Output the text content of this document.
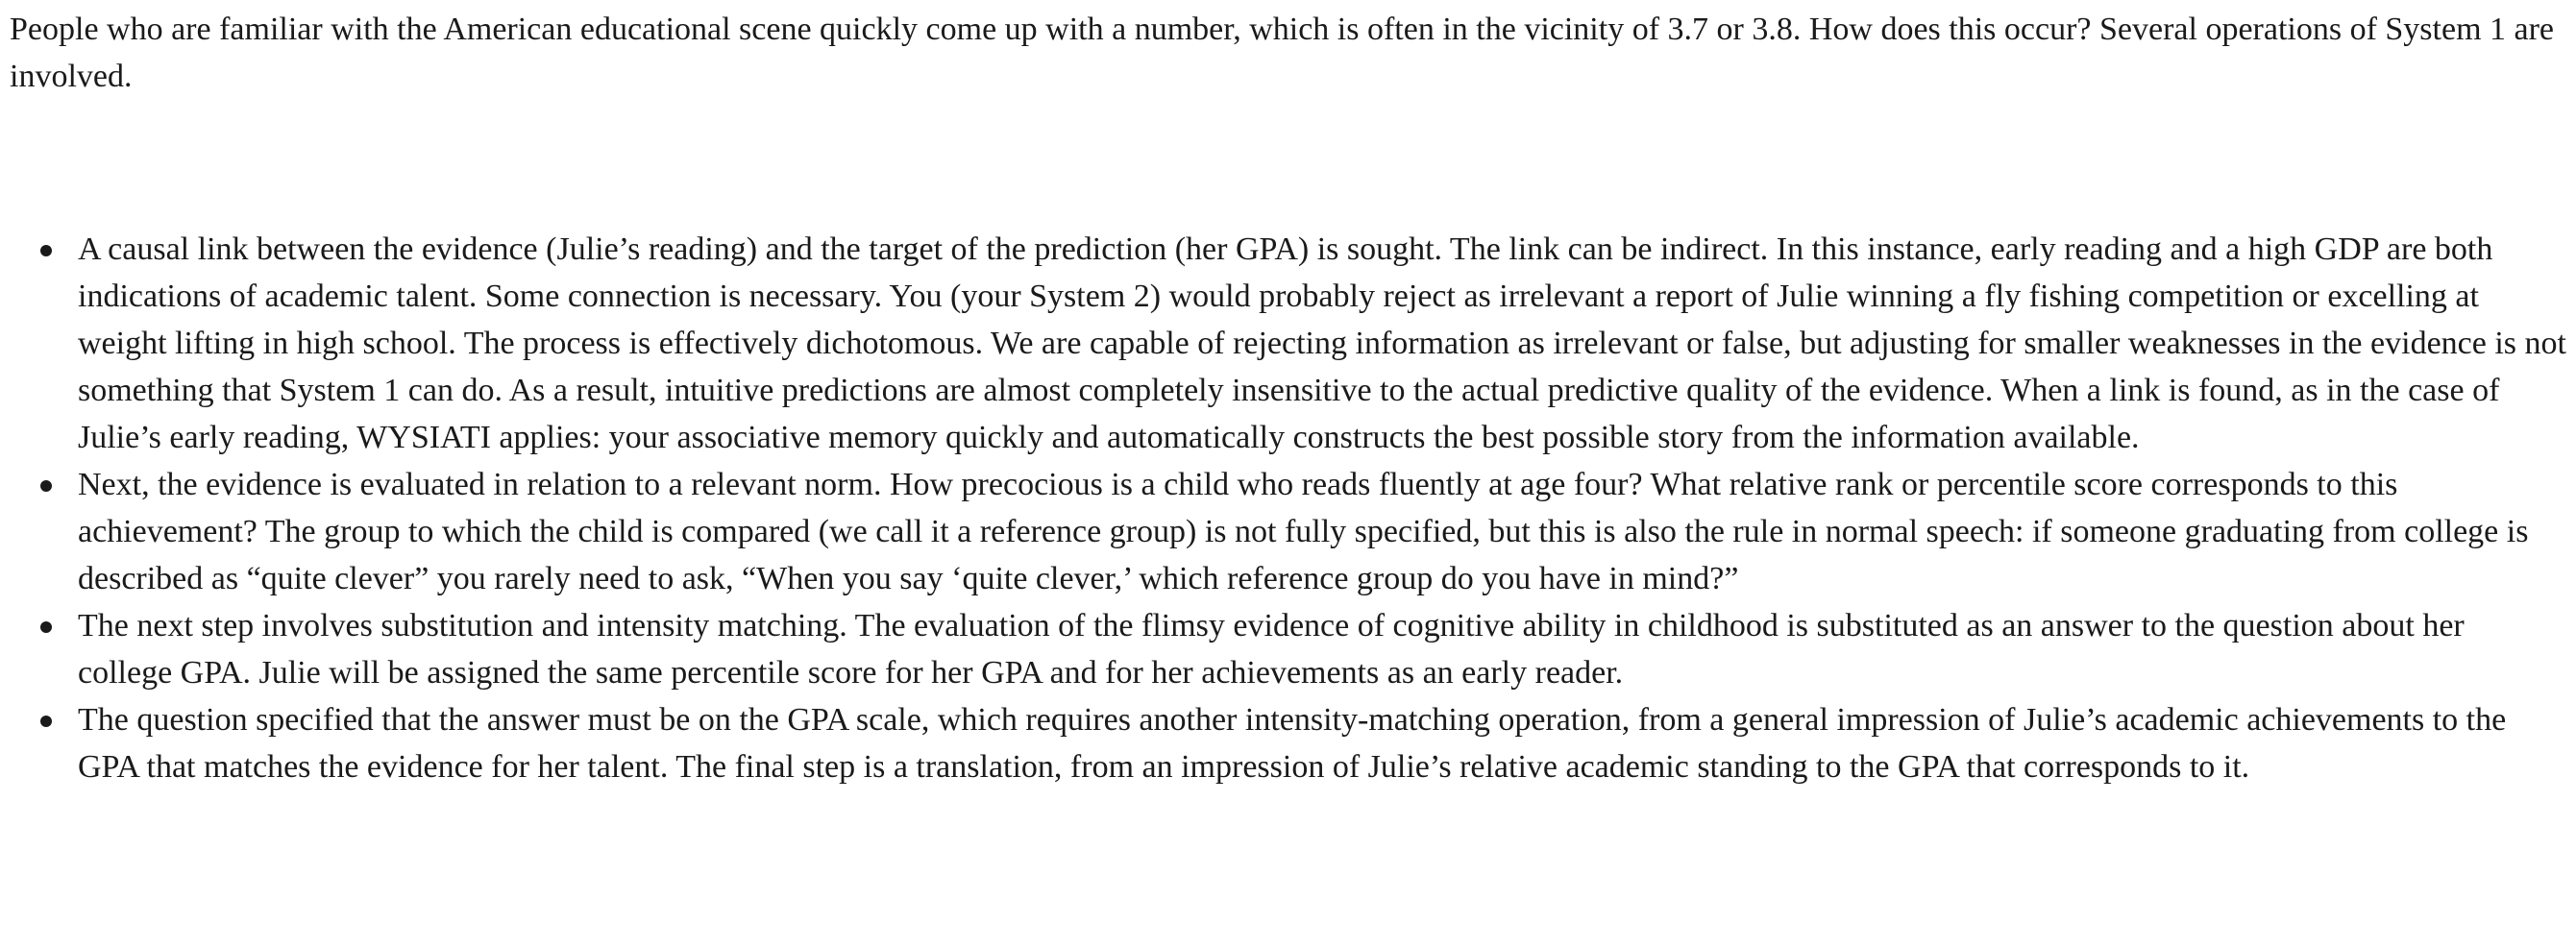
People who are familiar with the American educational scene quickly come up with a number, which is often in the vicinity of 3.7 or 3.8. How does this occur? Several operations of System 1 are involved.

A causal link between the evidence (Julie’s reading) and the target of the prediction (her GPA) is sought. The link can be indirect. In this instance, early reading and a high GDP are both indications of academic talent. Some connection is necessary. You (your System 2) would probably reject as irrelevant a report of Julie winning a fly fishing competition or excelling at weight lifting in high school. The process is effectively dichotomous. We are capable of rejecting information as irrelevant or false, but adjusting for smaller weaknesses in the evidence is not something that System 1 can do. As a result, intuitive predictions are almost completely insensitive to the actual predictive quality of the evidence. When a link is found, as in the case of Julie’s early reading, WYSIATI applies: your associative memory quickly and automatically constructs the best possible story from the information available.
Next, the evidence is evaluated in relation to a relevant norm. How precocious is a child who reads fluently at age four? What relative rank or percentile score corresponds to this achievement? The group to which the child is compared (we call it a reference group) is not fully specified, but this is also the rule in normal speech: if someone graduating from college is described as “quite clever” you rarely need to ask, “When you say ‘quite clever,’ which reference group do you have in mind?”
The next step involves substitution and intensity matching. The evaluation of the flimsy evidence of cognitive ability in childhood is substituted as an answer to the question about her college GPA. Julie will be assigned the same percentile score for her GPA and for her achievements as an early reader.
The question specified that the answer must be on the GPA scale, which requires another intensity-matching operation, from a general impression of Julie’s academic achievements to the GPA that matches the evidence for her talent. The final step is a translation, from an impression of Julie’s relative academic standing to the GPA that corresponds to it.
